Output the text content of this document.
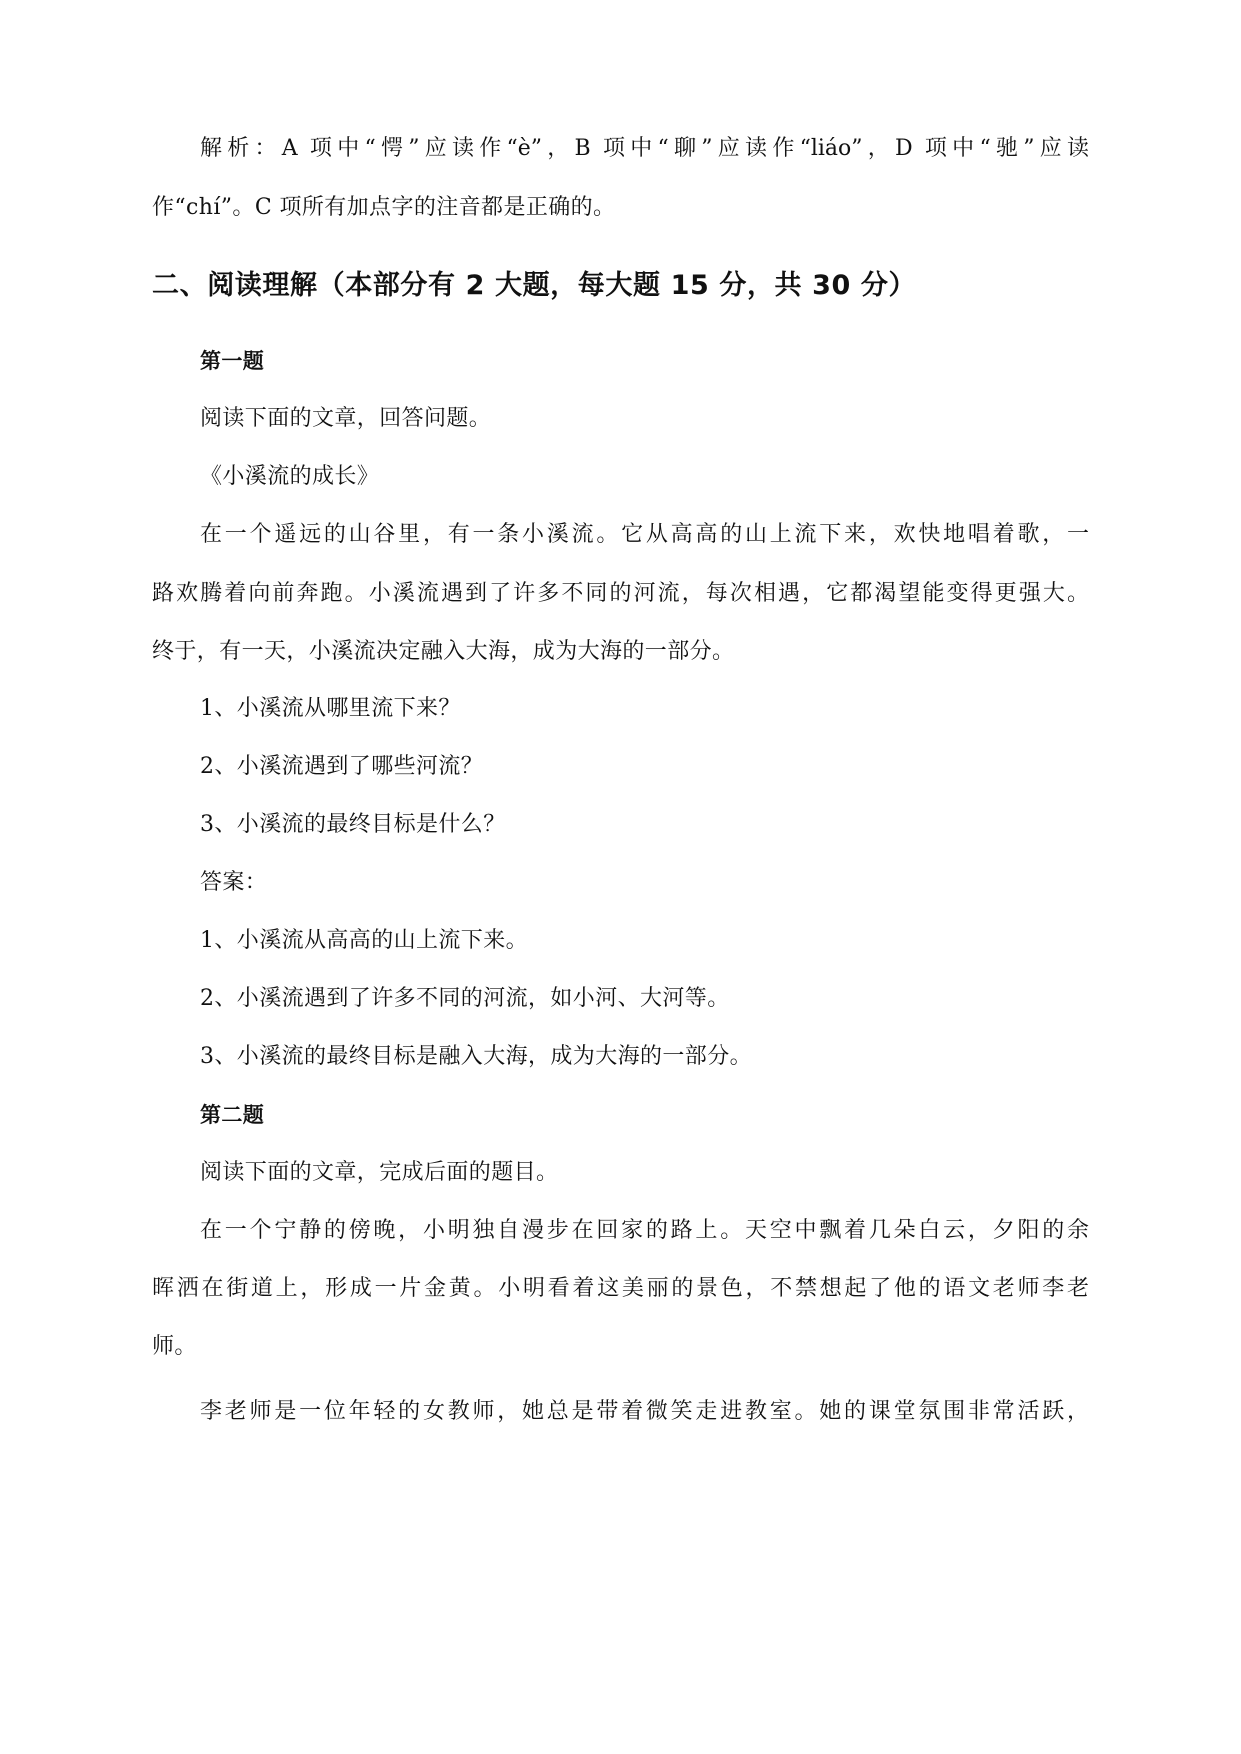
解析：A 项中“愕”应读作“è”，B 项中“聊”应读作“liáo”，D 项中“驰”应读
作“chí”。C 项所有加点字的注音都是正确的。
二、阅读理解（本部分有 2 大题，每大题 15 分，共 30 分）
第一题
阅读下面的文章，回答问题。
《小溪流的成长》
在一个遥远的山谷里，有一条小溪流。它从高高的山上流下来，欢快地唱着歌，一
路欢腾着向前奔跑。小溪流遇到了许多不同的河流，每次相遇，它都渴望能变得更强大。
终于，有一天，小溪流决定融入大海，成为大海的一部分。
1、小溪流从哪里流下来？
2、小溪流遇到了哪些河流？
3、小溪流的最终目标是什么？
答案：
1、小溪流从高高的山上流下来。
2、小溪流遇到了许多不同的河流，如小河、大河等。
3、小溪流的最终目标是融入大海，成为大海的一部分。
第二题
阅读下面的文章，完成后面的题目。
在一个宁静的傍晚，小明独自漫步在回家的路上。天空中飘着几朵白云，夕阳的余
晖洒在街道上，形成一片金黄。小明看着这美丽的景色，不禁想起了他的语文老师李老
师。
李老师是一位年轻的女教师，她总是带着微笑走进教室。她的课堂氛围非常活跃，
